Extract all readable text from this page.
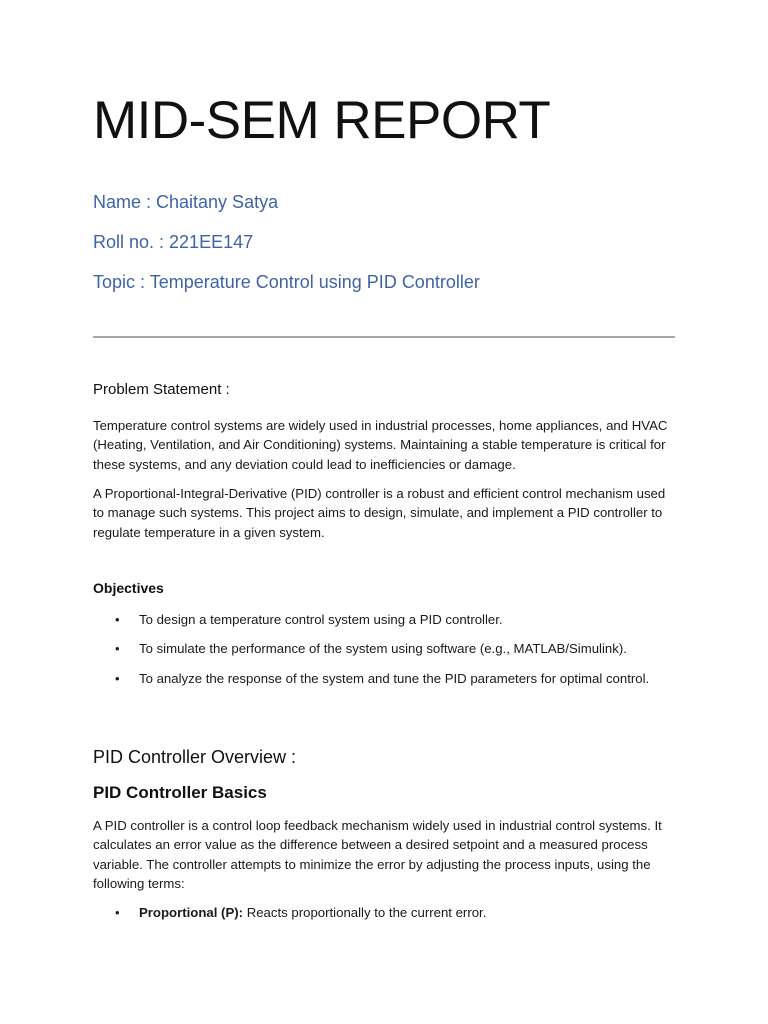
MID-SEM REPORT

Name : Chaitany Satya

Roll no. : 221EE147

Topic : Temperature Control using PID Controller

Problem Statement :

Temperature control systems are widely used in industrial processes, home appliances, and HVAC (Heating, Ventilation, and Air Conditioning) systems. Maintaining a stable temperature is critical for these systems, and any deviation could lead to inefficiencies or damage.

A Proportional-Integral-Derivative (PID) controller is a robust and efficient control mechanism used to manage such systems. This project aims to design, simulate, and implement a PID controller to regulate temperature in a given system.

Objectives
• To design a temperature control system using a PID controller.
• To simulate the performance of the system using software (e.g., MATLAB/Simulink).
• To analyze the response of the system and tune the PID parameters for optimal control.
PID Controller Overview :
PID Controller Basics

A PID controller is a control loop feedback mechanism widely used in industrial control systems. It calculates an error value as the difference between a desired setpoint and a measured process variable. The controller attempts to minimize the error by adjusting the process inputs, using the following terms:

• Proportional (P): Reacts proportionally to the current error.
